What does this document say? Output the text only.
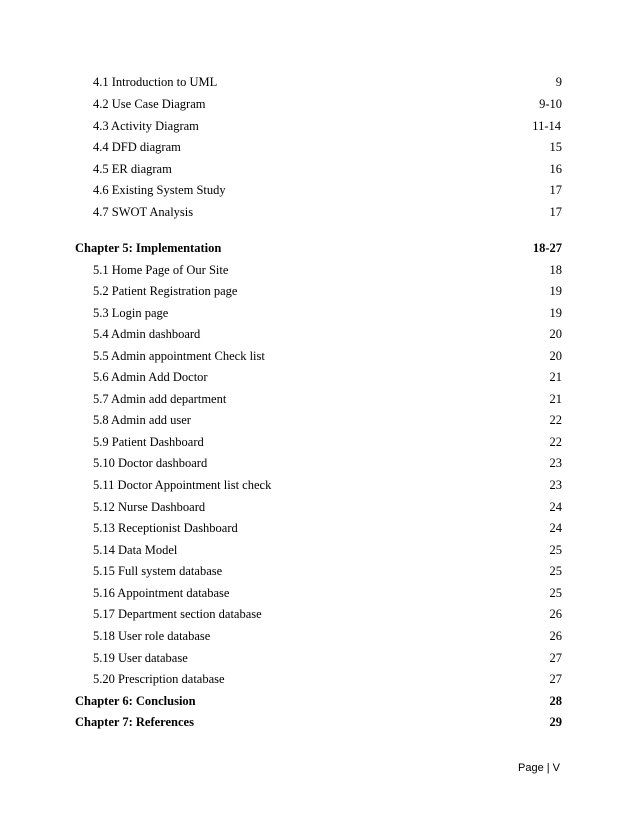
4.1 Introduction to UML	9
4.2 Use Case Diagram	9-10
4.3 Activity Diagram	11-14
4.4 DFD diagram	15
4.5 ER diagram	16
4.6 Existing System Study	17
4.7 SWOT Analysis	17
Chapter 5: Implementation	18-27
5.1 Home Page of Our Site	18
5.2 Patient Registration page	19
5.3 Login page	19
5.4 Admin dashboard	20
5.5 Admin appointment Check list	20
5.6 Admin Add Doctor	21
5.7 Admin add department	21
5.8 Admin add user	22
5.9 Patient Dashboard	22
5.10 Doctor dashboard	23
5.11 Doctor Appointment list check	23
5.12 Nurse Dashboard	24
5.13 Receptionist Dashboard	24
5.14 Data Model	25
5.15 Full system database	25
5.16 Appointment database	25
5.17 Department section database	26
5.18 User role database	26
5.19 User database	27
5.20 Prescription database	27
Chapter 6: Conclusion	28
Chapter 7: References	29
Page | V
